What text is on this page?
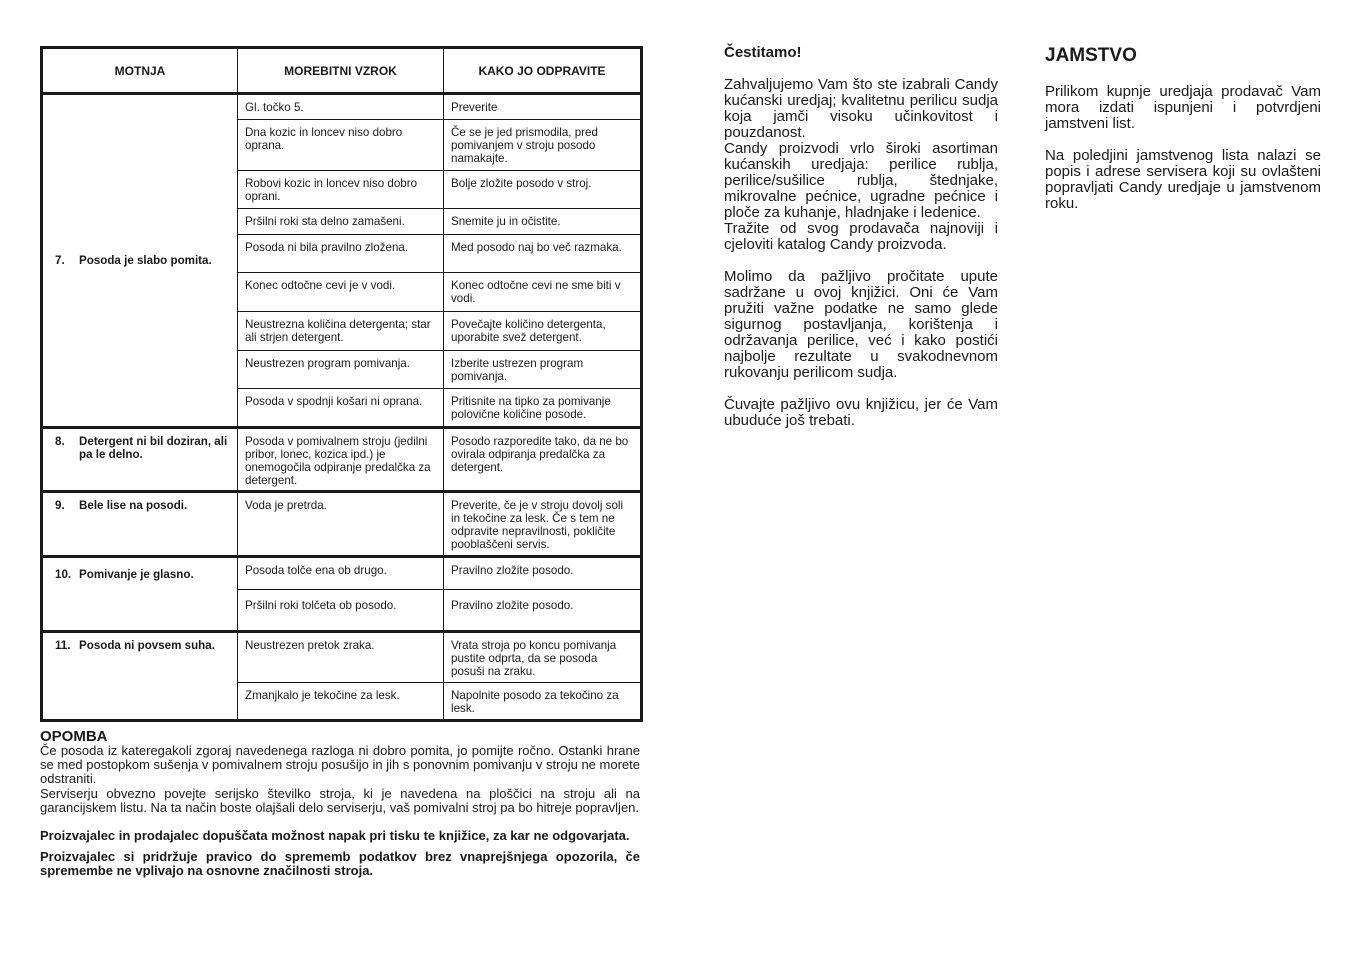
MOTNJA	MOREBITNI VZROK	KAKO JO ODPRAVITE

7. Posoda je slabo pomita.	Gl. točko 5.	Preverite
	Dna kozic in loncev niso dobro oprana.	Če se je jed prismodila, pred pomivanjem v stroju posodo namakajte.
	Robovi kozic in loncev niso dobro oprani.	Bolje zložite posodo v stroj.
	Pršilni roki sta delno zamašeni.	Snemite ju in očistite.
	Posoda ni bila pravilno zložena.	Med posodo naj bo več razmaka.
	Konec odtočne cevi je v vodi.	Konec odtočne cevi ne sme biti v vodi.
	Neustrezna količina detergenta; star ali strjen detergent.	Povečajte količino detergenta, uporabite svež detergent.
	Neustrezen program pomivanja.	Izberite ustrezen program pomivanja.
	Posoda v spodnji košari ni oprana.	Pritisnite na tipko za pomivanje polovične količine posode.

8. Detergent ni bil doziran, ali pa le delno.	Posoda v pomivalnem stroju (jedilni pribor, lonec, kozica ipd.) je onemogočila odpiranje predalčka za detergent.	Posodo razporedite tako, da ne bo ovirala odpiranja predalčka za detergent.

9. Bele lise na posodi.	Voda je pretrda.	Preverite, če je v stroju dovolj soli in tekočine za lesk. Če s tem ne odpravite nepravilnosti, pokličite pooblaščeni servis.

10. Pomivanje je glasno.	Posoda tolče ena ob drugo.	Pravilno zložite posodo.
	Pršilni roki tolčeta ob posodo.	Pravilno zložite posodo.

11. Posoda ni povsem suha.	Neustrezen pretok zraka.	Vrata stroja po koncu pomivanja pustite odprta, da se posoda posuši na zraku.
	Zmanjkalo je tekočine za lesk.	Napolnite posodo za tekočino za lesk.
OPOMBA

Če posoda iz kateregakoli zgoraj navedenega razloga ni dobro pomita, jo pomijte ročno. Ostanki hrane se med postopkom sušenja v pomivalnem stroju posušijo in jih s ponovnim pomivanju v stroju ne morete odstraniti.

Serviserju obvezno povejte serijsko številko stroja, ki je navedena na ploščici na stroju ali na garancijskem listu. Na ta način boste olajšali delo serviserju, vaš pomivalni stroj pa bo hitreje popravljen.

Proizvajalec in prodajalec dopuščata možnost napak pri tisku te knjižice, za kar ne odgovarjata.

Proizvajalec si pridržuje pravico do sprememb podatkov brez vnaprejšnjega opozorila, če spremembe ne vplivajo na osnovne značilnosti stroja.

Čestitamo!

Zahvaljujemo Vam što ste izabrali Candy kućanski uredjaj; kvalitetnu perilicu sudja koja jamči visoku učinkovitost i pouzdanost.

Candy proizvodi vrlo široki asortiman kućanskih uredjaja: perilice rublja, perilice/sušilice rublja, štednjake, mikrovalne pećnice, ugradne pećnice i ploče za kuhanje, hladnjake i ledenice.

Tražite od svog prodavača najnoviji i cjeloviti katalog Candy proizvoda.

Molimo da pažljivo pročitate upute sadržane u ovoj knjižici. Oni će Vam pružiti važne podatke ne samo glede sigurnog postavljanja, korištenja i održavanja perilice, već i kako postići najbolje rezultate u svakodnevnom rukovanju perilicom sudja.

Čuvajte pažljivo ovu knjižicu, jer će Vam ubuduće još trebati.

JAMSTVO

Prilikom kupnje uredjaja prodavač Vam mora izdati ispunjeni i potvrdjeni jamstveni list.

Na poledjini jamstvenog lista nalazi se popis i adrese servisera koji su ovlašteni popravljati Candy uredjaje u jamstvenom roku.
